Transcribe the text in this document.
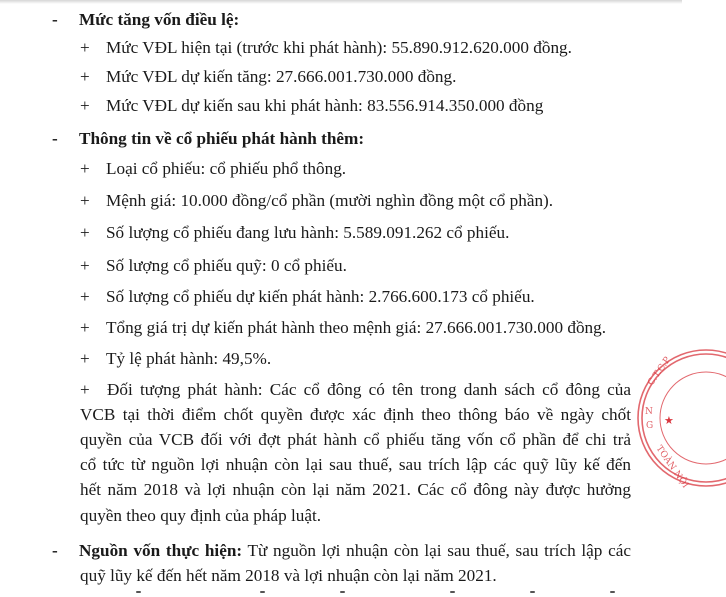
- Mức tăng vốn điều lệ:
+ Mức VĐL hiện tại (trước khi phát hành): 55.890.912.620.000 đồng.
+ Mức VĐL dự kiến tăng: 27.666.001.730.000 đồng.
+ Mức VĐL dự kiến sau khi phát hành: 83.556.914.350.000 đồng
- Thông tin về cổ phiếu phát hành thêm:
+ Loại cổ phiếu: cổ phiếu phổ thông.
+ Mệnh giá: 10.000 đồng/cổ phần (mười nghìn đồng một cổ phần).
+ Số lượng cổ phiếu đang lưu hành: 5.589.091.262 cổ phiếu.
+ Số lượng cổ phiếu quỹ: 0 cổ phiếu.
+ Số lượng cổ phiếu dự kiến phát hành: 2.766.600.173 cổ phiếu.
+ Tổng giá trị dự kiến phát hành theo mệnh giá: 27.666.001.730.000 đồng.
+ Tỷ lệ phát hành: 49,5%.
+ Đối tượng phát hành: Các cổ đông có tên trong danh sách cổ đông của
VCB tại thời điểm chốt quyền được xác định theo thông báo về ngày chốt
quyền của VCB đối với đợt phát hành cổ phiếu tăng vốn cổ phần để chi trả
cổ tức từ nguồn lợi nhuận còn lại sau thuế, sau trích lập các quỹ lũy kế đến
hết năm 2018 và lợi nhuận còn lại năm 2021. Các cổ đông này được hưởng
quyền theo quy định của pháp luật.
- Nguồn vốn thực hiện: Từ nguồn lợi nhuận còn lại sau thuế, sau trích lập các
quỹ lũy kế đến hết năm 2018 và lợi nhuận còn lại năm 2021.
C.T.C.P
TOÀN NỘI
N
G ★
